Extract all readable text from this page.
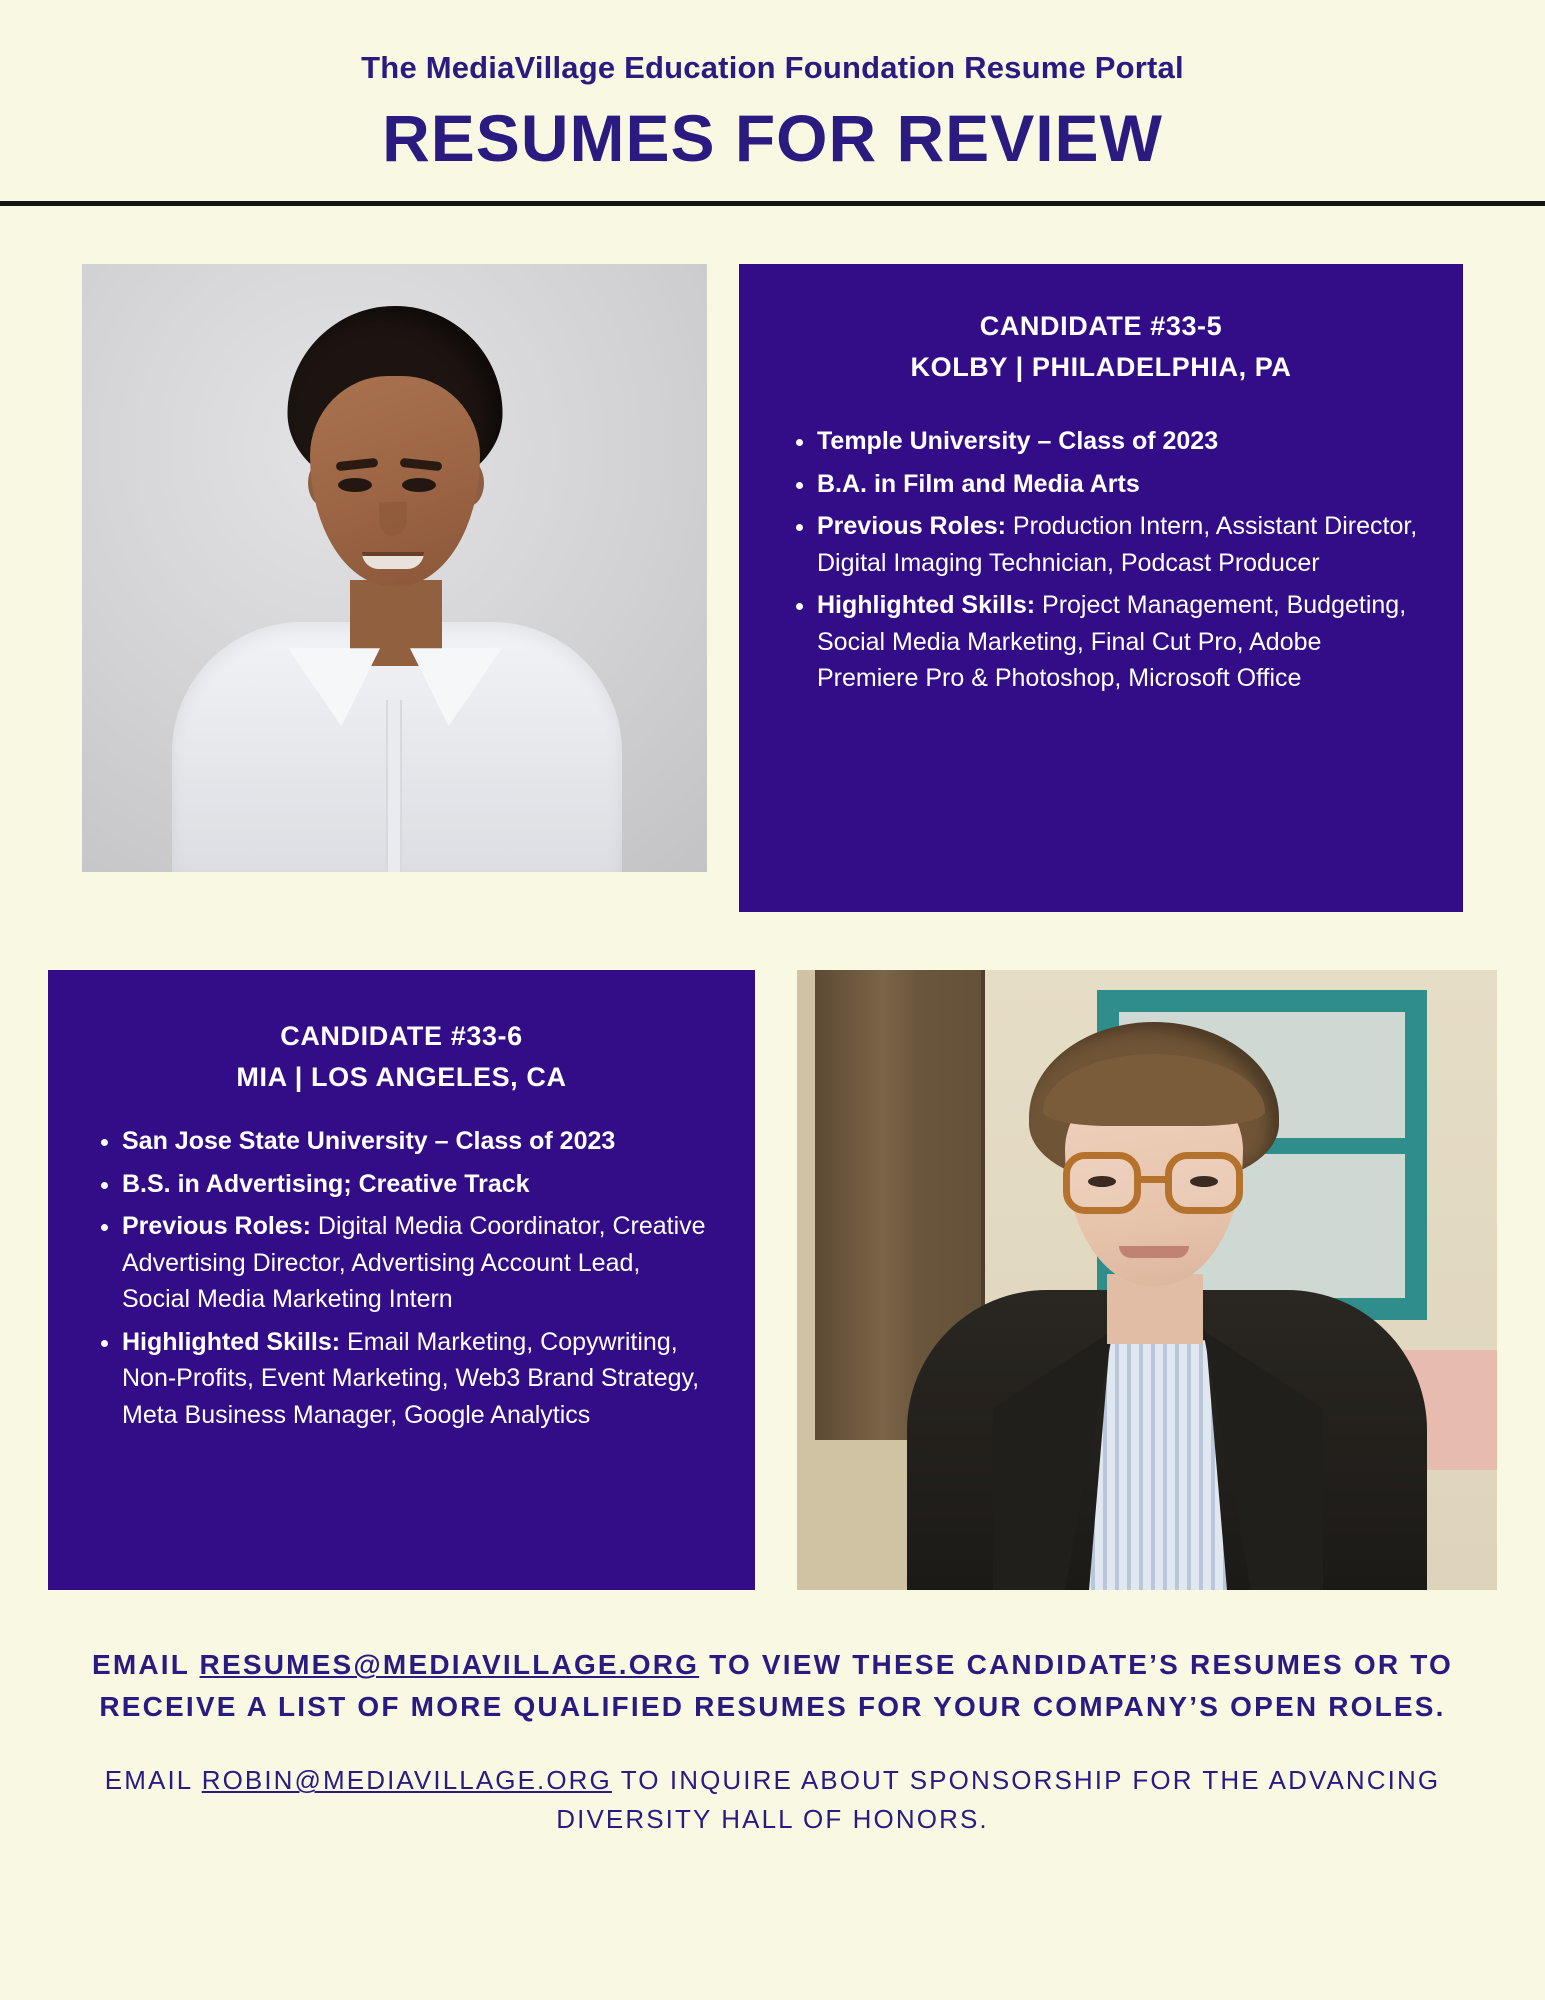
The MediaVillage Education Foundation Resume Portal
RESUMES FOR REVIEW
CANDIDATE #33-5
KOLBY | PHILADELPHIA, PA
• Temple University – Class of 2023
• B.A. in Film and Media Arts
• Previous Roles: Production Intern, Assistant Director, Digital Imaging Technician, Podcast Producer
• Highlighted Skills: Project Management, Budgeting, Social Media Marketing, Final Cut Pro, Adobe Premiere Pro & Photoshop, Microsoft Office
CANDIDATE #33-6
MIA | LOS ANGELES, CA
• San Jose State University – Class of 2023
• B.S. in Advertising; Creative Track
• Previous Roles: Digital Media Coordinator, Creative Advertising Director, Advertising Account Lead, Social Media Marketing Intern
• Highlighted Skills: Email Marketing, Copywriting, Non-Profits, Event Marketing, Web3 Brand Strategy, Meta Business Manager, Google Analytics
EMAIL RESUMES@MEDIAVILLAGE.ORG TO VIEW THESE CANDIDATE’S RESUMES OR TO RECEIVE A LIST OF MORE QUALIFIED RESUMES FOR YOUR COMPANY’S OPEN ROLES.
EMAIL ROBIN@MEDIAVILLAGE.ORG TO INQUIRE ABOUT SPONSORSHIP FOR THE ADVANCING DIVERSITY HALL OF HONORS.
